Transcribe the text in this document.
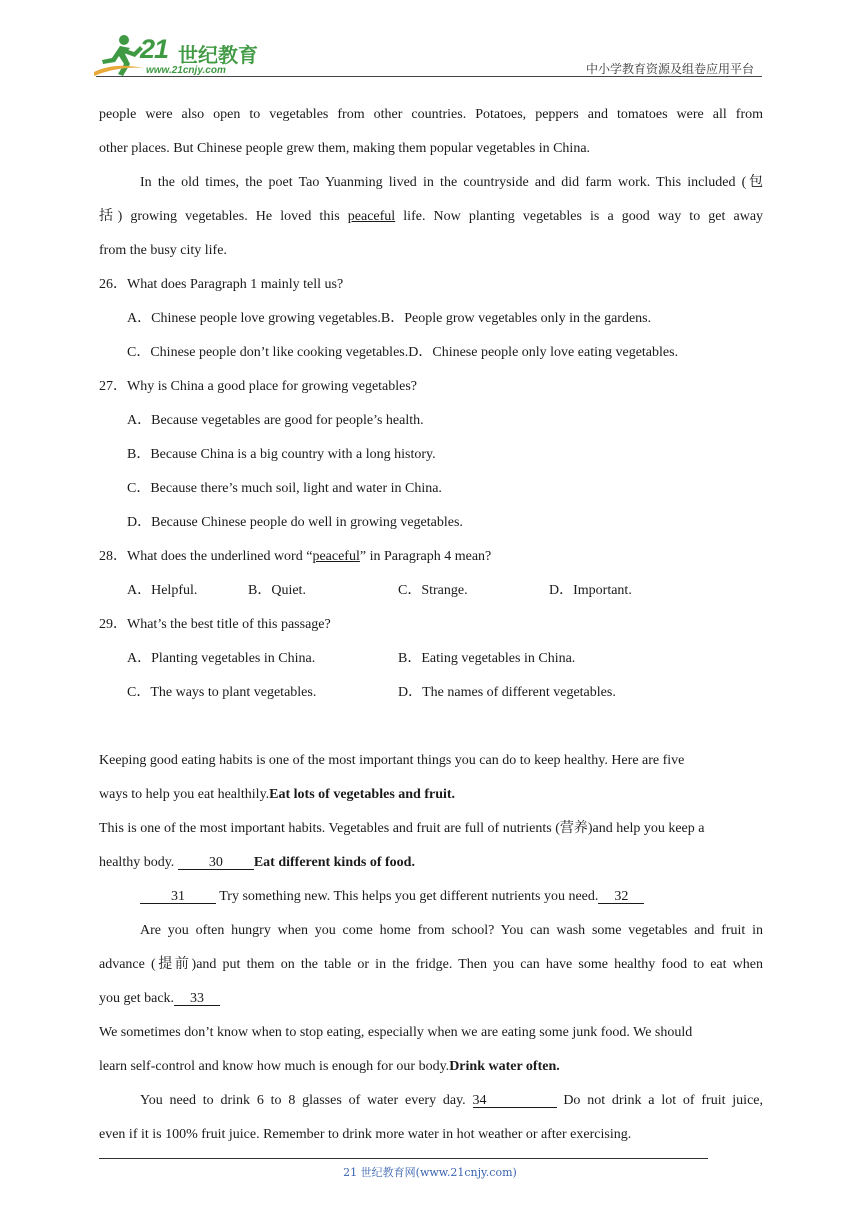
21 世纪教育
www.21cnjy.com	中小学教育资源及组卷应用平台
people were also open to vegetables from other countries. Potatoes, peppers and tomatoes were all from
other places. But Chinese people grew them, making them popular vegetables in China.
In the old times, the poet Tao Yuanming lived in the countryside and did farm work. This included (包
括) growing vegetables. He loved this peaceful life. Now planting vegetables is a good way to get away
from the busy city life.
26．What does Paragraph 1 mainly tell us?
A．Chinese people love growing vegetables.B．People grow vegetables only in the gardens.
C．Chinese people don’t like cooking vegetables.D．Chinese people only love eating vegetables.
27．Why is China a good place for growing vegetables?
A．Because vegetables are good for people’s health.
B．Because China is a big country with a long history.
C．Because there’s much soil, light and water in China.
D．Because Chinese people do well in growing vegetables.
28．What does the underlined word “peaceful” in Paragraph 4 mean?
A．Helpful.	B．Quiet.	C．Strange.	D．Important.
29．What’s the best title of this passage?
A．Planting vegetables in China.	B．Eating vegetables in China.
C．The ways to plant vegetables.	D．The names of different vegetables.
Keeping good eating habits is one of the most important things you can do to keep healthy. Here are five
ways to help you eat healthily.Eat lots of vegetables and fruit.
This is one of the most important habits. Vegetables and fruit are full of nutrients (营养)and help you keep a
healthy body. 30 Eat different kinds of food.
31 Try something new. This helps you get different nutrients you need. 32
Are you often hungry when you come home from school? You can wash some vegetables and fruit in
advance (提前)and put them on the table or in the fridge. Then you can have some healthy food to eat when
you get back. 33
We sometimes don’t know when to stop eating, especially when we are eating some junk food. We should
learn self-control and know how much is enough for our body.Drink water often.
You need to drink 6 to 8 glasses of water every day. 34	Do not drink a lot of fruit juice,
even if it is 100% fruit juice. Remember to drink more water in hot weather or after exercising.
21 世纪教育网(www.21cnjy.com)
